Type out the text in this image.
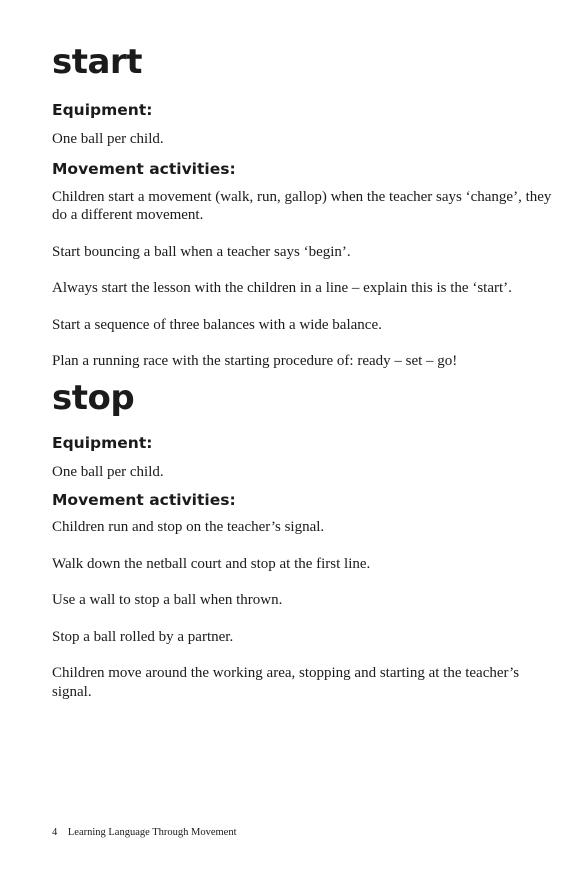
start
Equipment:

One ball per child.

Movement activities:

Children start a movement (walk, run, gallop) when the teacher says ‘change’, they do a different movement.

Start bouncing a ball when a teacher says ‘begin’.

Always start the lesson with the children in a line – explain this is the ‘start’.

Start a sequence of three balances with a wide balance.

Plan a running race with the starting procedure of: ready – set – go!

stop
Equipment:

One ball per child.

Movement activities:

Children run and stop on the teacher’s signal.

Walk down the netball court and stop at the first line.

Use a wall to stop a ball when thrown.

Stop a ball rolled by a partner.

Children move around the working area, stopping and starting at the teacher’s signal.

4 Learning Language Through Movement
